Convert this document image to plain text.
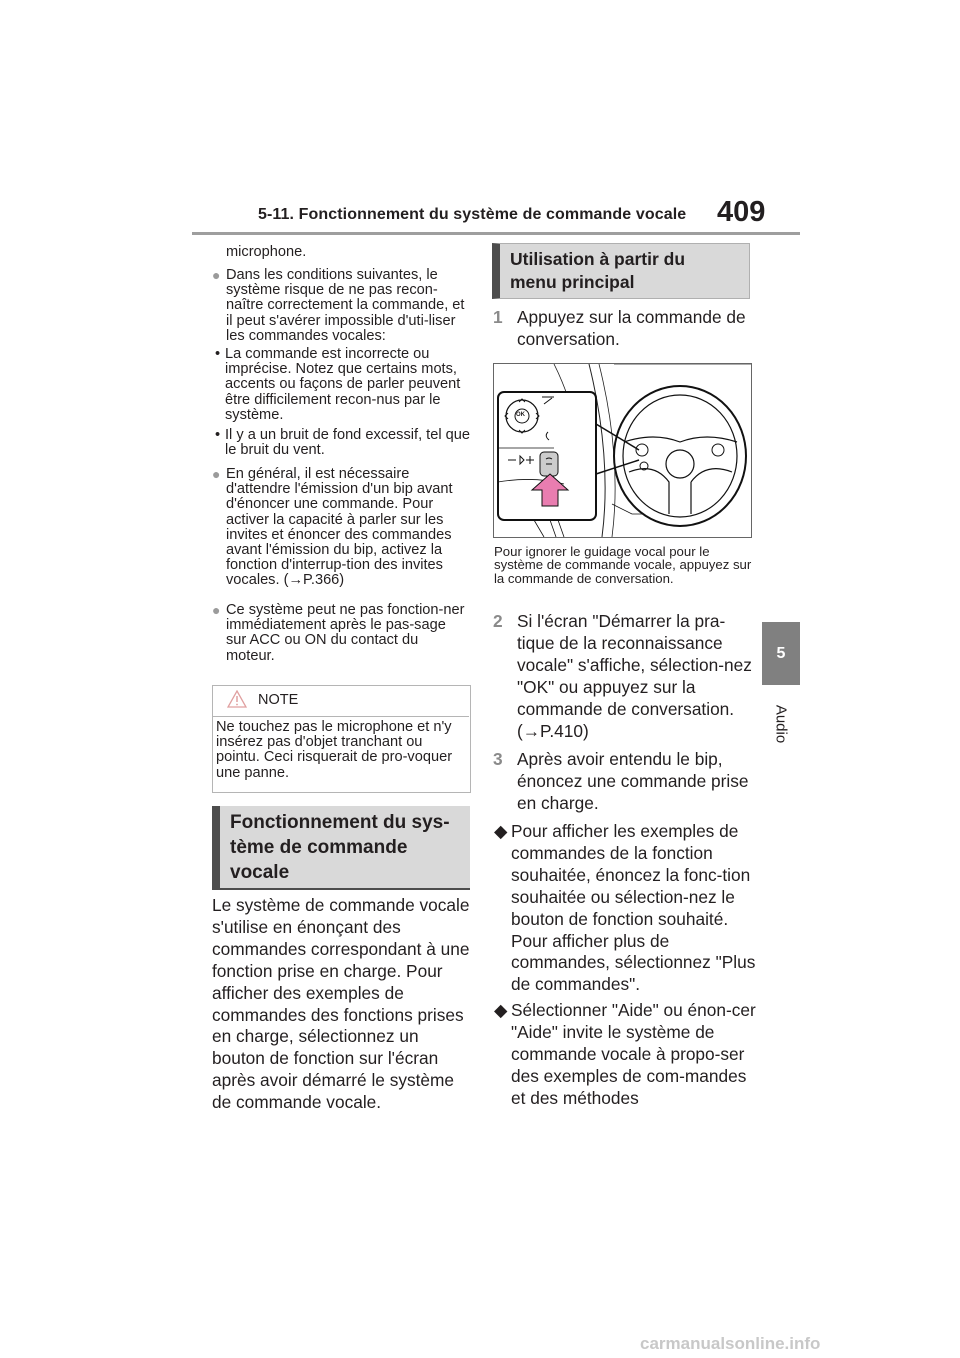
5-11. Fonctionnement du système de commande vocale 409
5
Audio
microphone.
● Dans les conditions suivantes, le système risque de ne pas recon-naître correctement la commande, et il peut s'avérer impossible d'uti-liser les commandes vocales:
• La commande est incorrecte ou imprécise. Notez que certains mots, accents ou façons de parler peuvent être difficilement recon-nus par le système.
• Il y a un bruit de fond excessif, tel que le bruit du vent.
● En général, il est nécessaire d'attendre l'émission d'un bip avant d'énoncer une commande. Pour activer la capacité à parler sur les invites et énoncer des commandes avant l'émission du bip, activez la fonction d'interrup-tion des invites vocales. (→P.366)
● Ce système peut ne pas fonction-ner immédiatement après le pas-sage sur ACC ou ON du contact du moteur.
NOTE
Ne touchez pas le microphone et n'y insérez pas d'objet tranchant ou pointu. Ceci risquerait de pro-voquer une panne.
Fonctionnement du sys-tème de commande vocale
Le système de commande vocale s'utilise en énonçant des commandes correspondant à une fonction prise en charge. Pour afficher des exemples de commandes des fonctions prises en charge, sélectionnez un bouton de fonction sur l'écran après avoir démarré le système de commande vocale.
Utilisation à partir du menu principal
1 Appuyez sur la commande de conversation.
OK
Pour ignorer le guidage vocal pour le système de commande vocale, appuyez sur la commande de conversation.
2 Si l'écran "Démarrer la pra-tique de la reconnaissance vocale" s'affiche, sélection-nez "OK" ou appuyez sur la commande de conversation. (→P.410)
3 Après avoir entendu le bip, énoncez une commande prise en charge.
◆ Pour afficher les exemples de commandes de la fonction souhaitée, énoncez la fonc-tion souhaitée ou sélection-nez le bouton de fonction souhaité. Pour afficher plus de commandes, sélectionnez "Plus de commandes".
◆ Sélectionner "Aide" ou énon-cer "Aide" invite le système de commande vocale à propo-ser des exemples de com-mandes et des méthodes
carmanualsonline.info
